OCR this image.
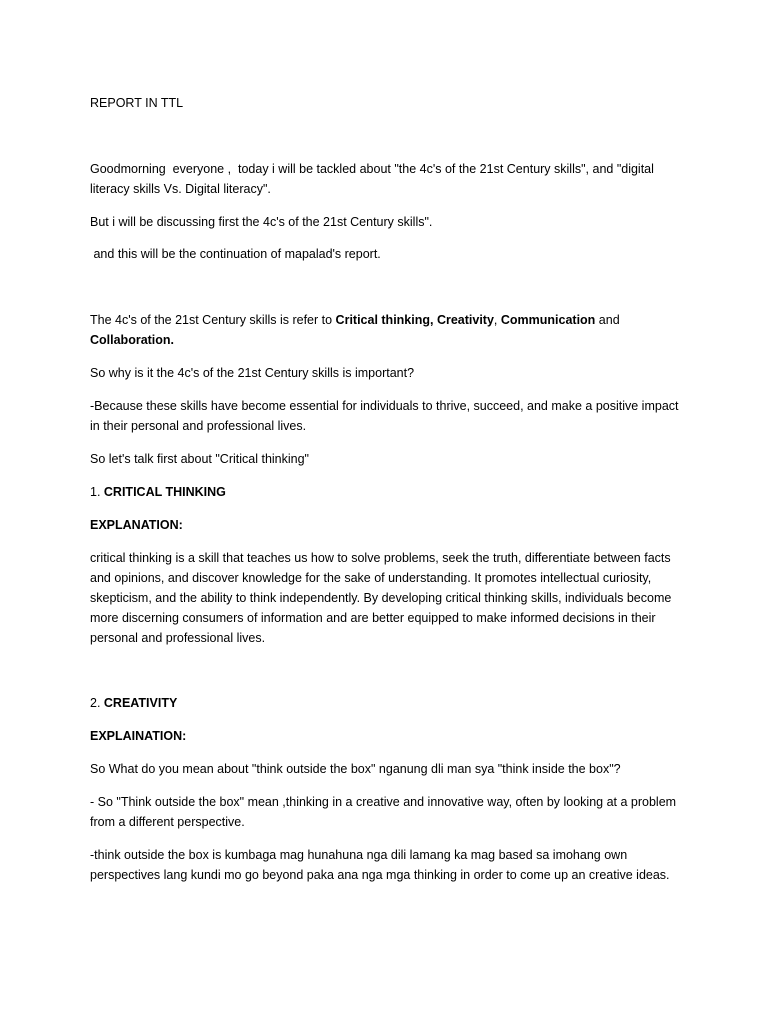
REPORT IN TTL

Goodmorning  everyone ,  today i will be tackled about "the 4c's of the 21st Century skills", and "digital literacy skills Vs. Digital literacy".

But i will be discussing first the 4c's of the 21st Century skills".

and this will be the continuation of mapalad's report.

The 4c's of the 21st Century skills is refer to Critical thinking, Creativity, Communication and Collaboration.

So why is it the 4c's of the 21st Century skills is important?

-Because these skills have become essential for individuals to thrive, succeed, and make a positive impact in their personal and professional lives.

So let's talk first about "Critical thinking"

1. CRITICAL THINKING

EXPLANATION:

critical thinking is a skill that teaches us how to solve problems, seek the truth, differentiate between facts and opinions, and discover knowledge for the sake of understanding. It promotes intellectual curiosity, skepticism, and the ability to think independently. By developing critical thinking skills, individuals become more discerning consumers of information and are better equipped to make informed decisions in their personal and professional lives.

2. CREATIVITY

EXPLAINATION:

So What do you mean about "think outside the box" nganung dli man sya "think inside the box"?

- So "Think outside the box" mean ,thinking in a creative and innovative way, often by looking at a problem from a different perspective.

-think outside the box is kumbaga mag hunahuna nga dili lamang ka mag based sa imohang own perspectives lang kundi mo go beyond paka ana nga mga thinking in order to come up an creative ideas.
